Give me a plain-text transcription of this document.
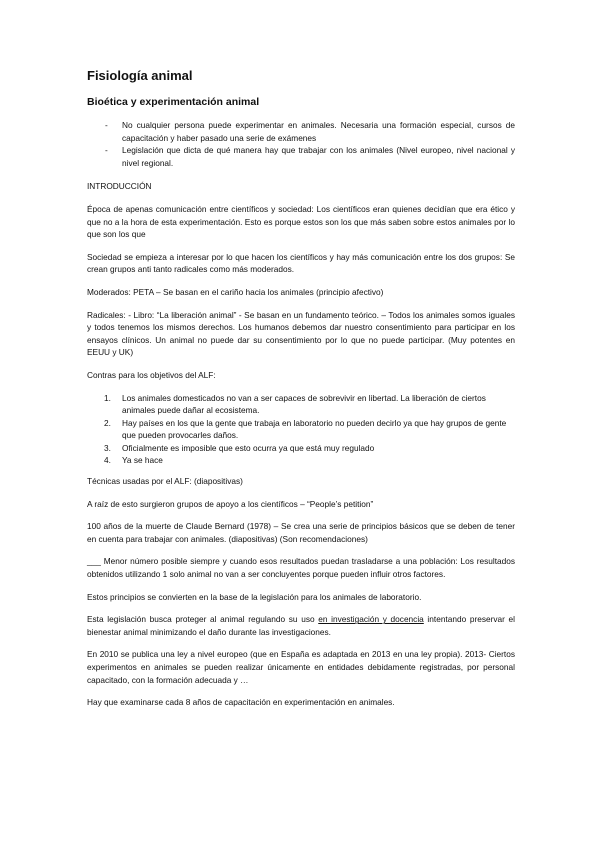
Fisiología animal
Bioética y experimentación animal
- No cualquier persona puede experimentar en animales. Necesaria una formación especial, cursos de capacitación y haber pasado una serie de exámenes
- Legislación que dicta de qué manera hay que trabajar con los animales (Nivel europeo, nivel nacional y nivel regional.

INTRODUCCIÓN

Época de apenas comunicación entre científicos y sociedad: Los científicos eran quienes decidían que era ético y que no a la hora de esta experimentación. Esto es porque estos son los que más saben sobre estos animales por lo que son los que

Sociedad se empieza a interesar por lo que hacen los científicos y hay más comunicación entre los dos grupos: Se crean grupos anti tanto radicales como más moderados.

Moderados: PETA – Se basan en el cariño hacia los animales (principio afectivo)

Radicales: - Libro: “La liberación animal” - Se basan en un fundamento teórico. – Todos los animales somos iguales y todos tenemos los mismos derechos. Los humanos debemos dar nuestro consentimiento para participar en los ensayos clínicos. Un animal no puede dar su consentimiento por lo que no puede participar. (Muy potentes en EEUU y UK)

Contras para los objetivos del ALF:

1. Los animales domesticados no van a ser capaces de sobrevivir en libertad. La liberación de ciertos animales puede dañar al ecosistema.
2. Hay países en los que la gente que trabaja en laboratorio no pueden decirlo ya que hay grupos de gente que pueden provocarles daños.
3. Oficialmente es imposible que esto ocurra ya que está muy regulado
4. Ya se hace

Técnicas usadas por el ALF: (diapositivas)

A raíz de esto surgieron grupos de apoyo a los científicos – “People’s petition”

100 años de la muerte de Claude Bernard (1978) – Se crea una serie de principios básicos que se deben de tener en cuenta para trabajar con animales. (diapositivas) (Son recomendaciones)

___ Menor número posible siempre y cuando esos resultados puedan trasladarse a una población: Los resultados obtenidos utilizando 1 solo animal no van a ser concluyentes porque pueden influir otros factores.

Estos principios se convierten en la base de la legislación para los animales de laboratorio.

Esta legislación busca proteger al animal regulando su uso en investigación y docencia intentando preservar el bienestar animal minimizando el daño durante las investigaciones.

En 2010 se publica una ley a nivel europeo (que en España es adaptada en 2013 en una ley propia). 2013- Ciertos experimentos en animales se pueden realizar únicamente en entidades debidamente registradas, por personal capacitado, con la formación adecuada y …

Hay que examinarse cada 8 años de capacitación en experimentación en animales.
